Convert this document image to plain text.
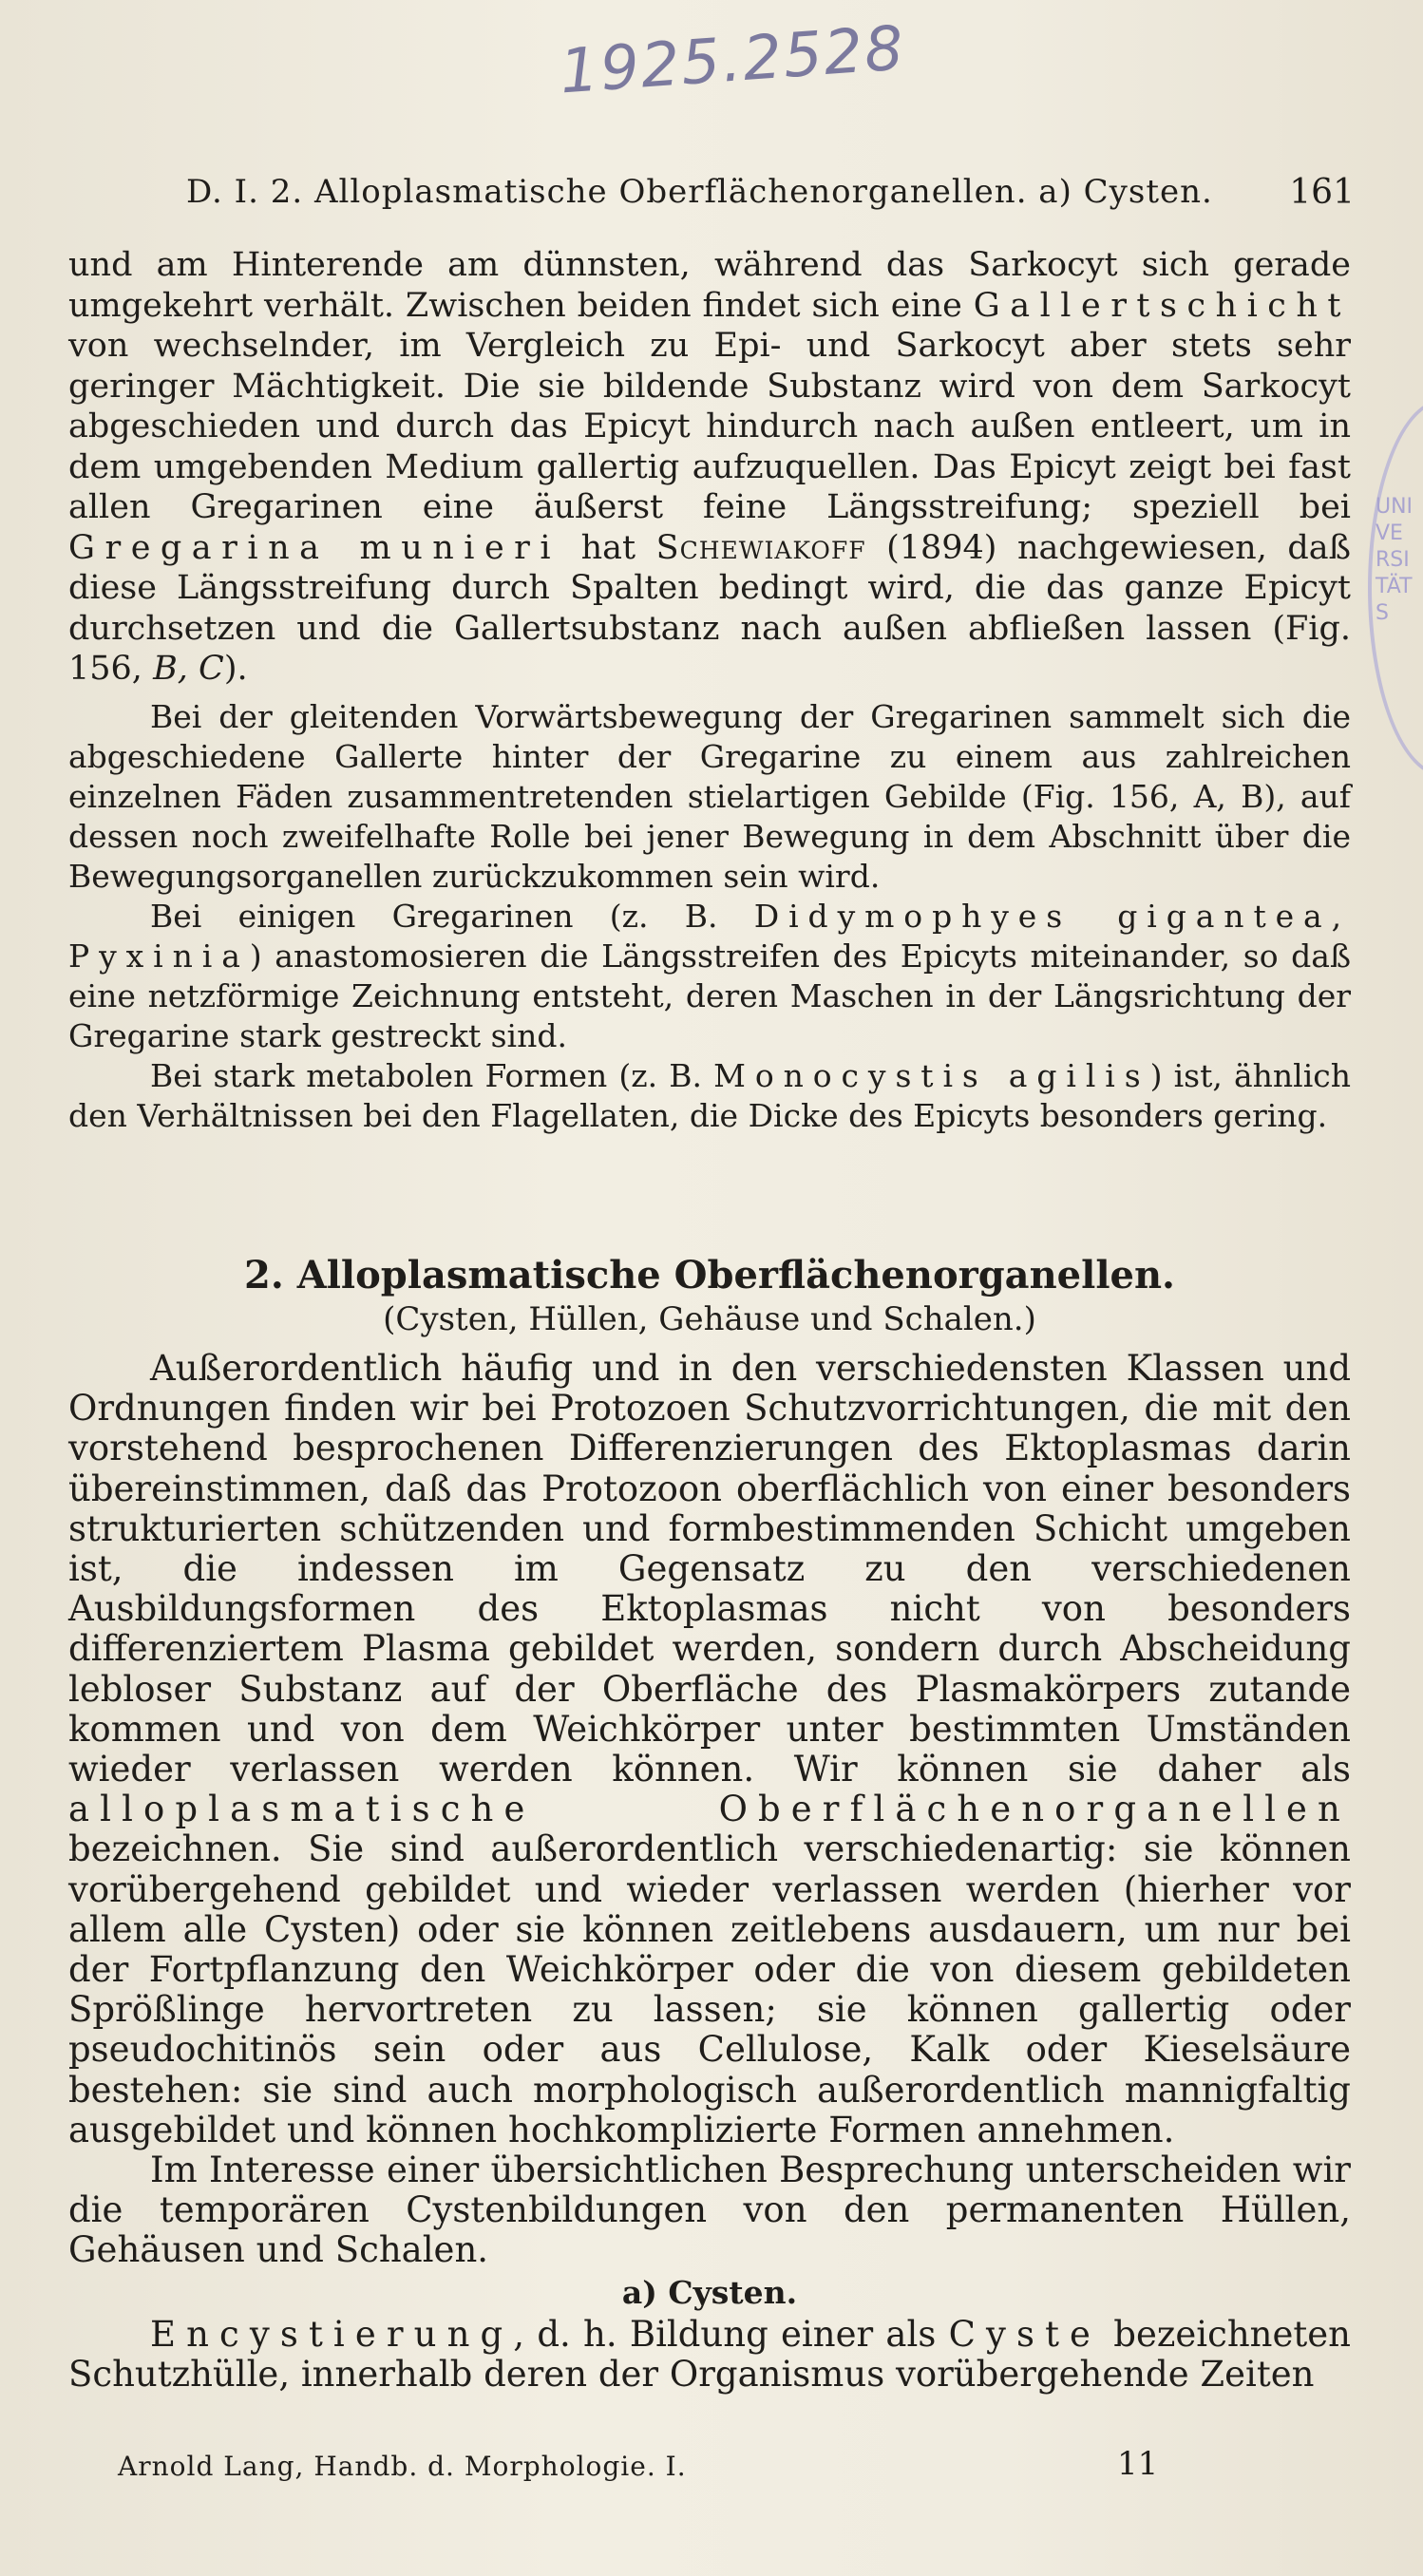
1925.2528
UNIVERSITÄTS
D. I. 2. Alloplasmatische Oberflächenorganellen. a) Cysten. 161

und am Hinterende am dünnsten, während das Sarkocyt sich gerade umgekehrt verhält. Zwischen beiden findet sich eine Gallertschicht von wechselnder, im Vergleich zu Epi- und Sarkocyt aber stets sehr geringer Mächtigkeit. Die sie bildende Substanz wird von dem Sarkocyt abgeschieden und durch das Epicyt hindurch nach außen entleert, um in dem umgebenden Medium gallertig aufzuquellen. Das Epicyt zeigt bei fast allen Gregarinen eine äußerst feine Längsstreifung; speziell bei Gregarina munieri hat Schewiakoff (1894) nachgewiesen, daß diese Längsstreifung durch Spalten bedingt wird, die das ganze Epicyt durchsetzen und die Gallertsubstanz nach außen abfließen lassen (Fig. 156, B, C).

Bei der gleitenden Vorwärtsbewegung der Gregarinen sammelt sich die abgeschiedene Gallerte hinter der Gregarine zu einem aus zahlreichen einzelnen Fäden zusammentretenden stielartigen Gebilde (Fig. 156, A, B), auf dessen noch zweifelhafte Rolle bei jener Bewegung in dem Abschnitt über die Bewegungsorganellen zurückzukommen sein wird.

Bei einigen Gregarinen (z. B. Didymophyes gigantea, Pyxinia) anastomosieren die Längsstreifen des Epicyts miteinander, so daß eine netzförmige Zeichnung entsteht, deren Maschen in der Längsrichtung der Gregarine stark gestreckt sind.

Bei stark metabolen Formen (z. B. Monocystis agilis) ist, ähnlich den Verhältnissen bei den Flagellaten, die Dicke des Epicyts besonders gering.

2. Alloplasmatische Oberflächenorganellen.
(Cysten, Hüllen, Gehäuse und Schalen.)

Außerordentlich häufig und in den verschiedensten Klassen und Ordnungen finden wir bei Protozoen Schutzvorrichtungen, die mit den vorstehend besprochenen Differenzierungen des Ektoplasmas darin übereinstimmen, daß das Protozoon oberflächlich von einer besonders strukturierten schützenden und formbestimmenden Schicht umgeben ist, die indessen im Gegensatz zu den verschiedenen Ausbildungsformen des Ektoplasmas nicht von besonders differenziertem Plasma gebildet werden, sondern durch Abscheidung lebloser Substanz auf der Oberfläche des Plasmakörpers zutande kommen und von dem Weichkörper unter bestimmten Umständen wieder verlassen werden können. Wir können sie daher als alloplasmatische Oberflächenorganellen bezeichnen. Sie sind außerordentlich verschiedenartig: sie können vorübergehend gebildet und wieder verlassen werden (hierher vor allem alle Cysten) oder sie können zeitlebens ausdauern, um nur bei der Fortpflanzung den Weichkörper oder die von diesem gebildeten Sprößlinge hervortreten zu lassen; sie können gallertig oder pseudochitinös sein oder aus Cellulose, Kalk oder Kieselsäure bestehen: sie sind auch morphologisch außerordentlich mannigfaltig ausgebildet und können hochkomplizierte Formen annehmen.

Im Interesse einer übersichtlichen Besprechung unterscheiden wir die temporären Cystenbildungen von den permanenten Hüllen, Gehäusen und Schalen.

a) Cysten.

Encystierung, d. h. Bildung einer als Cyste bezeichneten Schutzhülle, innerhalb deren der Organismus vorübergehende Zeiten

Arnold Lang, Handb. d. Morphologie. I.	11
